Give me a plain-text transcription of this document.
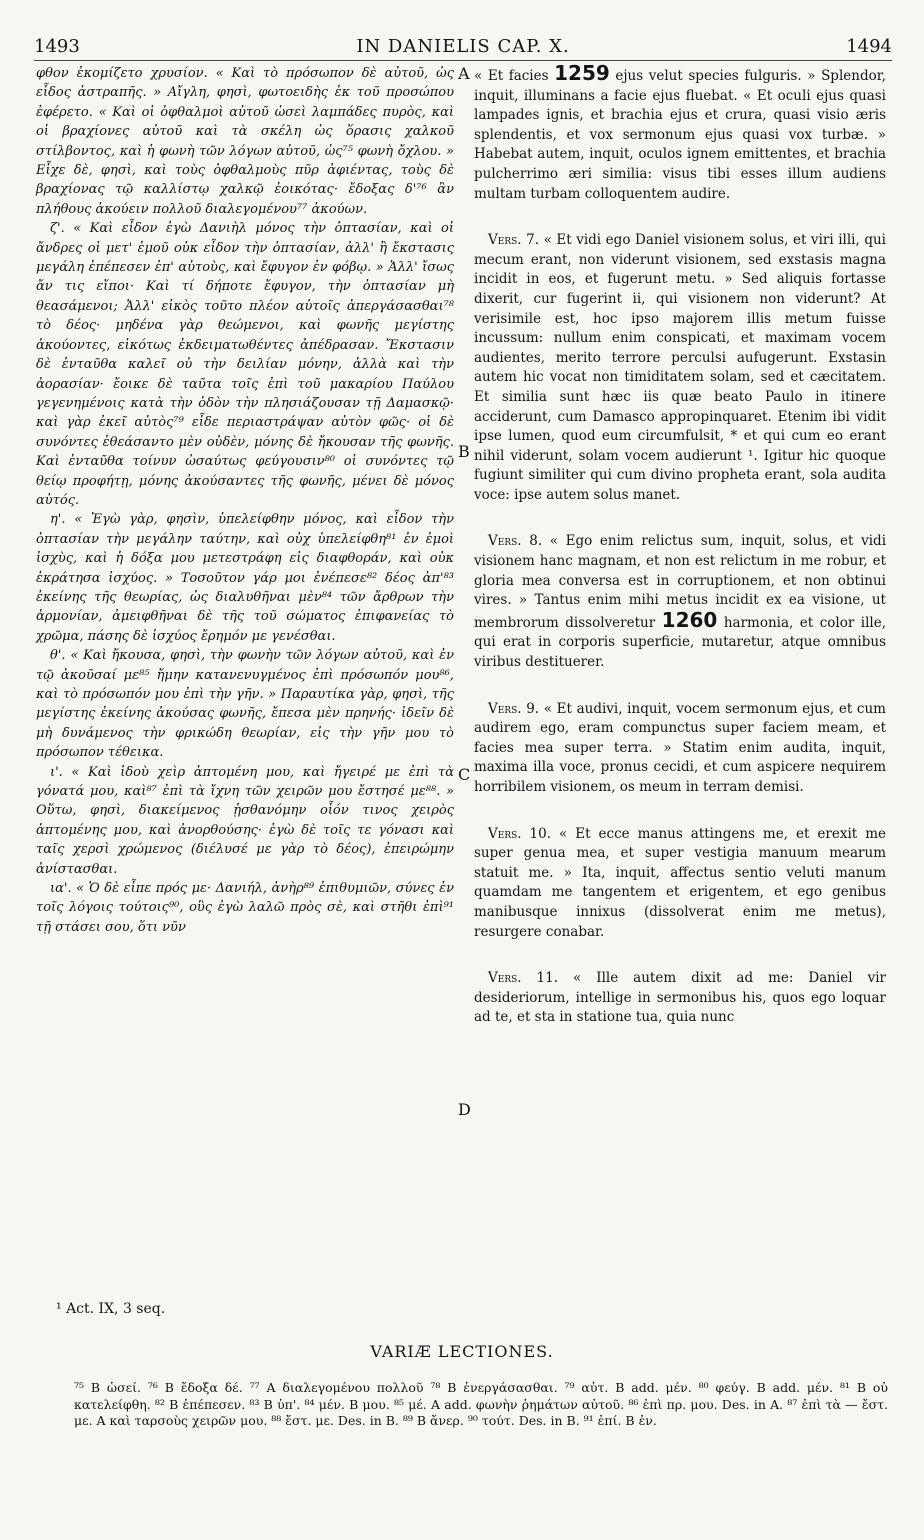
1493	IN DANIELIS CAP. X.	1494

φθον ἐκομίζετο χρυσίον. « Καὶ τὸ πρόσωπον δὲ αὐτοῦ, ὡς εἶδος ἀστραπῆς. » Αἴγλη, φησὶ, φωτοειδὴς ἐκ τοῦ προσώπου ἐφέρετο. « Καὶ οἱ ὀφθαλμοὶ αὐτοῦ ὡσεὶ λαμπάδες πυρὸς, καὶ οἱ βραχίονες αὐτοῦ καὶ τὰ σκέλη ὡς ὅρασις χαλκοῦ στίλβοντος, καὶ ἡ φωνὴ τῶν λόγων αὐτοῦ, ὡς⁷⁵ φωνὴ ὄχλου. » Εἶχε δὲ, φησὶ, καὶ τοὺς ὀφθαλμοὺς πῦρ ἀφιέντας, τοὺς δὲ βραχίονας τῷ καλλίστῳ χαλκῷ ἐοικότας· ἔδοξας δ'⁷⁶ ἂν πλήθους ἀκούειν πολλοῦ διαλεγομένου⁷⁷ ἀκούων.

ζ'. « Καὶ εἶδον ἐγὼ Δανιὴλ μόνος τὴν ὀπτασίαν, καὶ οἱ ἄνδρες οἱ μετ' ἐμοῦ οὐκ εἶδον τὴν ὀπτασίαν, ἀλλ' ἢ ἔκστασις μεγάλη ἐπέπεσεν ἐπ' αὐτοὺς, καὶ ἔφυγον ἐν φόβῳ. » Ἀλλ' ἴσως ἄν τις εἴποι· Καὶ τί δήποτε ἔφυγον, τὴν ὀπτασίαν μὴ θεασάμενοι; Ἀλλ' εἰκὸς τοῦτο πλέον αὐτοῖς ἀπεργάσασθαι⁷⁸ τὸ δέος· μηδένα γὰρ θεώμενοι, καὶ φωνῆς μεγίστης ἀκούοντες, εἰκότως ἐκδειματωθέντες ἀπέδρασαν. Ἔκστασιν δὲ ἐνταῦθα καλεῖ οὐ τὴν δειλίαν μόνην, ἀλλὰ καὶ τὴν ἀορασίαν· ἔοικε δὲ ταῦτα τοῖς ἐπὶ τοῦ μακαρίου Παύλου γεγενημένοις κατὰ τὴν ὁδὸν τὴν πλησιάζουσαν τῇ Δαμασκῷ· καὶ γὰρ ἐκεῖ αὐτὸς⁷⁹ εἶδε περιαστράψαν αὐτὸν φῶς· οἱ δὲ συνόντες ἐθεάσαντο μὲν οὐδὲν, μόνης δὲ ἤκουσαν τῆς φωνῆς. Καὶ ἐνταῦθα τοίνυν ὡσαύτως φεύγουσιν⁸⁰ οἱ συνόντες τῷ θείῳ προφήτῃ, μόνης ἀκούσαντες τῆς φωνῆς, μένει δὲ μόνος αὐτός.

η'. « Ἐγὼ γὰρ, φησὶν, ὑπελείφθην μόνος, καὶ εἶδον τὴν ὀπτασίαν τὴν μεγάλην ταύτην, καὶ οὐχ ὑπελείφθη⁸¹ ἐν ἐμοὶ ἰσχὺς, καὶ ἡ δόξα μου μετεστράφη εἰς διαφθοράν, καὶ οὐκ ἐκράτησα ἰσχύος. » Τοσοῦτον γάρ μοι ἐνέπεσε⁸² δέος ἀπ'⁸³ ἐκείνης τῆς θεωρίας, ὡς διαλυθῆναι μὲν⁸⁴ τῶν ἄρθρων τὴν ἁρμονίαν, ἀμειφθῆναι δὲ τῆς τοῦ σώματος ἐπιφανείας τὸ χρῶμα, πάσης δὲ ἰσχύος ἔρημόν με γενέσθαι.

θ'. « Καὶ ἤκουσα, φησὶ, τὴν φωνὴν τῶν λόγων αὐτοῦ, καὶ ἐν τῷ ἀκοῦσαί με⁸⁵ ἤμην κατανενυγμένος ἐπὶ πρόσωπόν μου⁸⁶, καὶ τὸ πρόσωπόν μου ἐπὶ τὴν γῆν. » Παραυτίκα γὰρ, φησὶ, τῆς μεγίστης ἐκείνης ἀκούσας φωνῆς, ἔπεσα μὲν πρηνής· ἰδεῖν δὲ μὴ δυνάμενος τὴν φρικώδη θεωρίαν, εἰς τὴν γῆν μου τὸ πρόσωπον τέθεικα.

ι'. « Καὶ ἰδοὺ χεὶρ ἁπτομένη μου, καὶ ἤγειρέ με ἐπὶ τὰ γόνατά μου, καὶ⁸⁷ ἐπὶ τὰ ἴχνη τῶν χειρῶν μου ἔστησέ με⁸⁸. » Οὕτω, φησὶ, διακείμενος ᾐσθανόμην οἷόν τινος χειρὸς ἁπτομένης μου, καὶ ἀνορθούσης· ἐγὼ δὲ τοῖς τε γόνασι καὶ ταῖς χερσὶ χρώμενος (διέλυσέ με γὰρ τὸ δέος), ἐπειρώμην ἀνίστασθαι.

ια'. « Ὁ δὲ εἶπε πρός με· Δανιήλ, ἀνὴρ⁸⁹ ἐπιθυμιῶν, σύνες ἐν τοῖς λόγοις τούτοις⁹⁰, οὓς ἐγὼ λαλῶ πρὸς σὲ, καὶ στῆθι ἐπὶ⁹¹ τῇ στάσει σου, ὅτι νῦν

A
B
C
D

« Et facies 1259 ejus velut species fulguris. » Splendor, inquit, illuminans a facie ejus fluebat. « Et oculi ejus quasi lampades ignis, et brachia ejus et crura, quasi visio æris splendentis, et vox sermonum ejus quasi vox turbæ. » Habebat autem, inquit, oculos ignem emittentes, et brachia pulcherrimo æri similia: visus tibi esses illum audiens multam turbam colloquentem audire.

Vers. 7. « Et vidi ego Daniel visionem solus, et viri illi, qui mecum erant, non viderunt visionem, sed exstasis magna incidit in eos, et fugerunt metu. » Sed aliquis fortasse dixerit, cur fugerint ii, qui visionem non viderunt? At verisimile est, hoc ipso majorem illis metum fuisse incussum: nullum enim conspicati, et maximam vocem audientes, merito terrore perculsi aufugerunt. Exstasin autem hic vocat non timiditatem solam, sed et cæcitatem. Et similia sunt hæc iis quæ beato Paulo in itinere acciderunt, cum Damasco appropinquaret. Etenim ibi vidit ipse lumen, quod eum circumfulsit, * et qui cum eo erant nihil viderunt, solam vocem audierunt ¹. Igitur hic quoque fugiunt similiter qui cum divino propheta erant, sola audita voce: ipse autem solus manet.

Vers. 8. « Ego enim relictus sum, inquit, solus, et vidi visionem hanc magnam, et non est relictum in me robur, et gloria mea conversa est in corruptionem, et non obtinui vires. » Tantus enim mihi metus incidit ex ea visione, ut membrorum dissolveretur 1260 harmonia, et color ille, qui erat in corporis superficie, mutaretur, atque omnibus viribus destituerer.

Vers. 9. « Et audivi, inquit, vocem sermonum ejus, et cum audirem ego, eram compunctus super faciem meam, et facies mea super terra. » Statim enim audita, inquit, maxima illa voce, pronus cecidi, et cum aspicere nequirem horribilem visionem, os meum in terram demisi.

Vers. 10. « Et ecce manus attingens me, et erexit me super genua mea, et super vestigia manuum mearum statuit me. » Ita, inquit, affectus sentio veluti manum quamdam me tangentem et erigentem, et ego genibus manibusque innixus (dissolverat enim me metus), resurgere conabar.

Vers. 11. « Ille autem dixit ad me: Daniel vir desideriorum, intellige in sermonibus his, quos ego loquar ad te, et sta in statione tua, quia nunc

¹ Act. IX, 3 seq.
VARIÆ LECTIONES.

⁷⁵ B ὡσεί. ⁷⁶ B ἔδοξα δέ. ⁷⁷ A διαλεγομένου πολλοῦ ⁷⁸ B ἐνεργάσασθαι. ⁷⁹ αὐτ. B add. μέν. ⁸⁰ φεύγ. B add. μέν. ⁸¹ B οὐ κατελείφθη. ⁸² B ἐπέπεσεν. ⁸³ B ὑπ'. ⁸⁴ μέν. B μου. ⁸⁵ μέ. A add. φωνὴν ῥημάτων αὐτοῦ. ⁸⁶ ἐπὶ πρ. μου. Des. in A. ⁸⁷ ἐπὶ τὰ — ἔστ. με. A καὶ ταρσοὺς χειρῶν μου. ⁸⁸ ἔστ. με. Des. in B. ⁸⁹ B ἄνερ. ⁹⁰ τούτ. Des. in B. ⁹¹ ἐπί. B ἐν.
